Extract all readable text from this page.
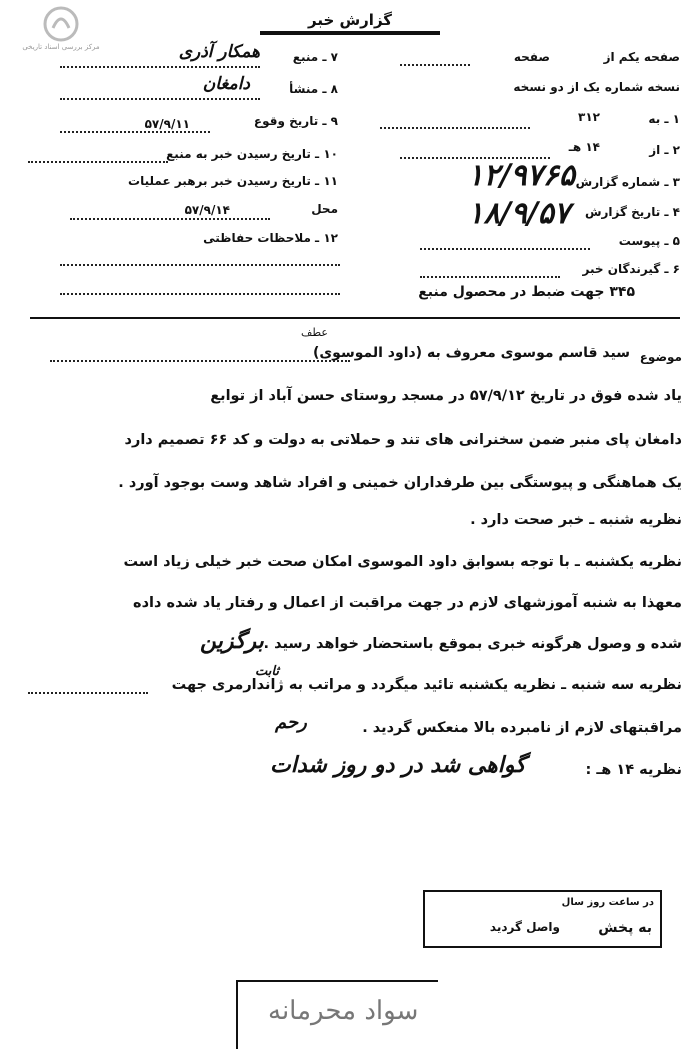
مرکز بررسی اسناد تاریخی
گزارش خبر
۷ ـ منبع
همکار آذری
۸ ـ منشأ
دامغان
۹ ـ تاریخ وقوع
۵۷/۹/۱۱
۱۰ ـ تاریخ رسیدن خبر به منبع
۱۱ ـ تاریخ رسیدن خبر برهبر عملیات
محل
۵۷/۹/۱۴
۱۲ ـ ملاحظات حفاظتی
صفحه یکم از
صفحه
نسخه شماره
یک از دو نسخه
۱ ـ به
۳۱۲
۲ ـ از
۱۴ هـ
۳ ـ شماره گزارش
۱۲/۹۷۶۵
۴ ـ تاریخ گزارش
۱۸/۹/۵۷
۵ ـ پیوست
۶ ـ گیرندگان خبر
۳۴۵ جهت ضبط در محصول منبع
عطف
موضوع
سید قاسم موسوی معروف به (داود الموسوی)
یاد شده فوق در تاریخ ۵۷/۹/۱۲ در مسجد روستای حسن آباد از توابع
دامغان پای منبر ضمن سخنرانی های تند و حملاتی به دولت و کد ۶۶ تصمیم دارد
یک هماهنگی و پیوستگی بین طرفداران خمینی و افراد شاهد وست بوجود آورد .
نظریه شنبه ـ خبر صحت دارد .
نظریه یکشنبه ـ با توجه بسوابق داود الموسوی امکان صحت خبر خیلی زیاد است
معهذا به شنبه آموزشهای لازم در جهت مراقبت از اعمال و رفتار یاد شده داده
شده و وصول هرگونه خبری بموقع باستحضار خواهد رسید .
نظریه سه شنبه ـ نظریه یکشنبه تائید میگردد و مراتب به ژاندارمری جهت
مراقبتهای لازم از نامبرده بالا منعکس گردید .
نظریه ۱۴ هـ :
برگزین
ثابت
رحم
گواهی شد در دو روز شدات
در ساعت روز سال
واصل گردید	به پخش
سواد محرمانه
